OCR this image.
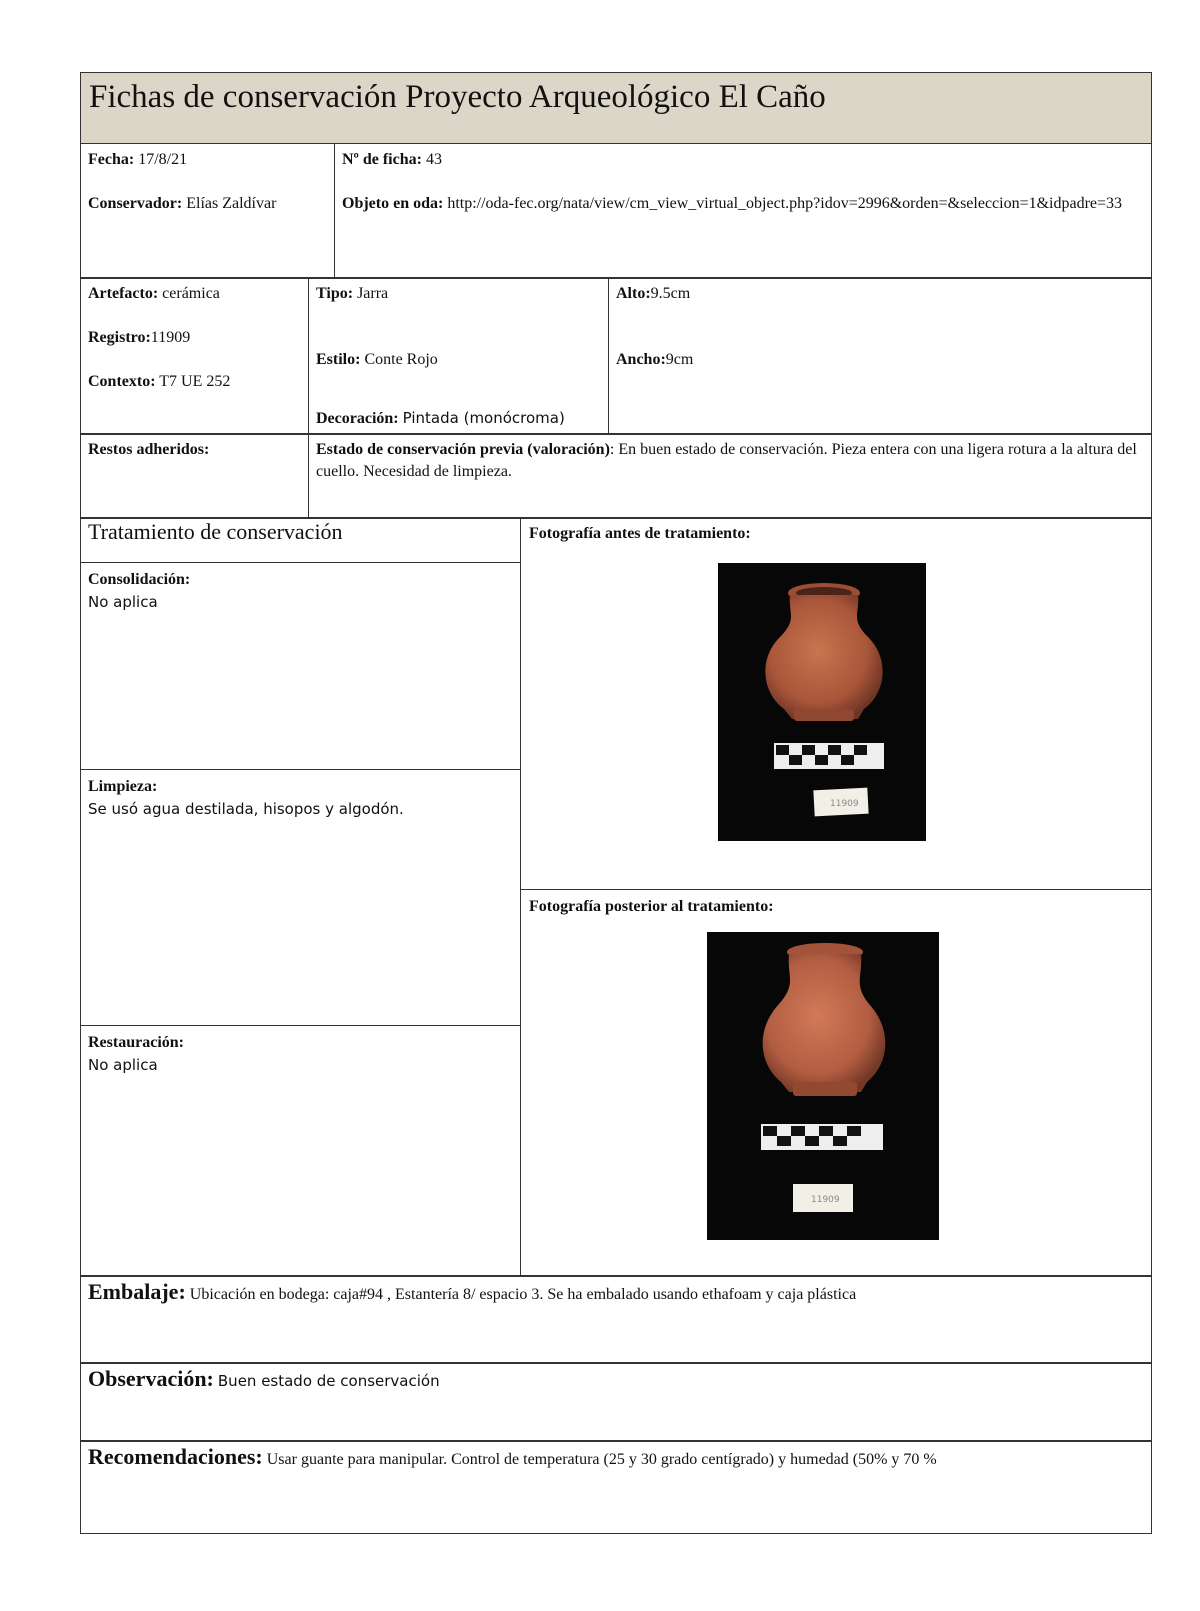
Fichas de conservación Proyecto Arqueológico El Caño
Fecha: 17/8/21
Conservador: Elías Zaldívar
Nº de ficha: 43
Objeto en oda: http://oda-fec.org/nata/view/cm_view_virtual_object.php?idov=2996&orden=&seleccion=1&idpadre=33
Artefacto: cerámica
Registro:11909
Contexto: T7 UE 252
Tipo: Jarra
Estilo: Conte Rojo
Decoración: Pintada (monócroma)
Alto:9.5cm
Ancho:9cm
Restos adheridos:	Estado de conservación previa (valoración): En buen estado de conservación. Pieza entera con una ligera rotura a la altura del cuello. Necesidad de limpieza.
Tratamiento de conservación
Consolidación:
No aplica
Limpieza:
Se usó agua destilada, hisopos y algodón.
Restauración:
No aplica
Fotografía antes de tratamiento:
Fotografía posterior al tratamiento:
11909
11909
Embalaje: Ubicación en bodega: caja#94 , Estantería 8/ espacio 3. Se ha embalado usando ethafoam y caja plástica
Observación: Buen estado de conservación
Recomendaciones: Usar guante para manipular. Control de temperatura (25 y 30 grado centígrado) y humedad (50% y 70 %
